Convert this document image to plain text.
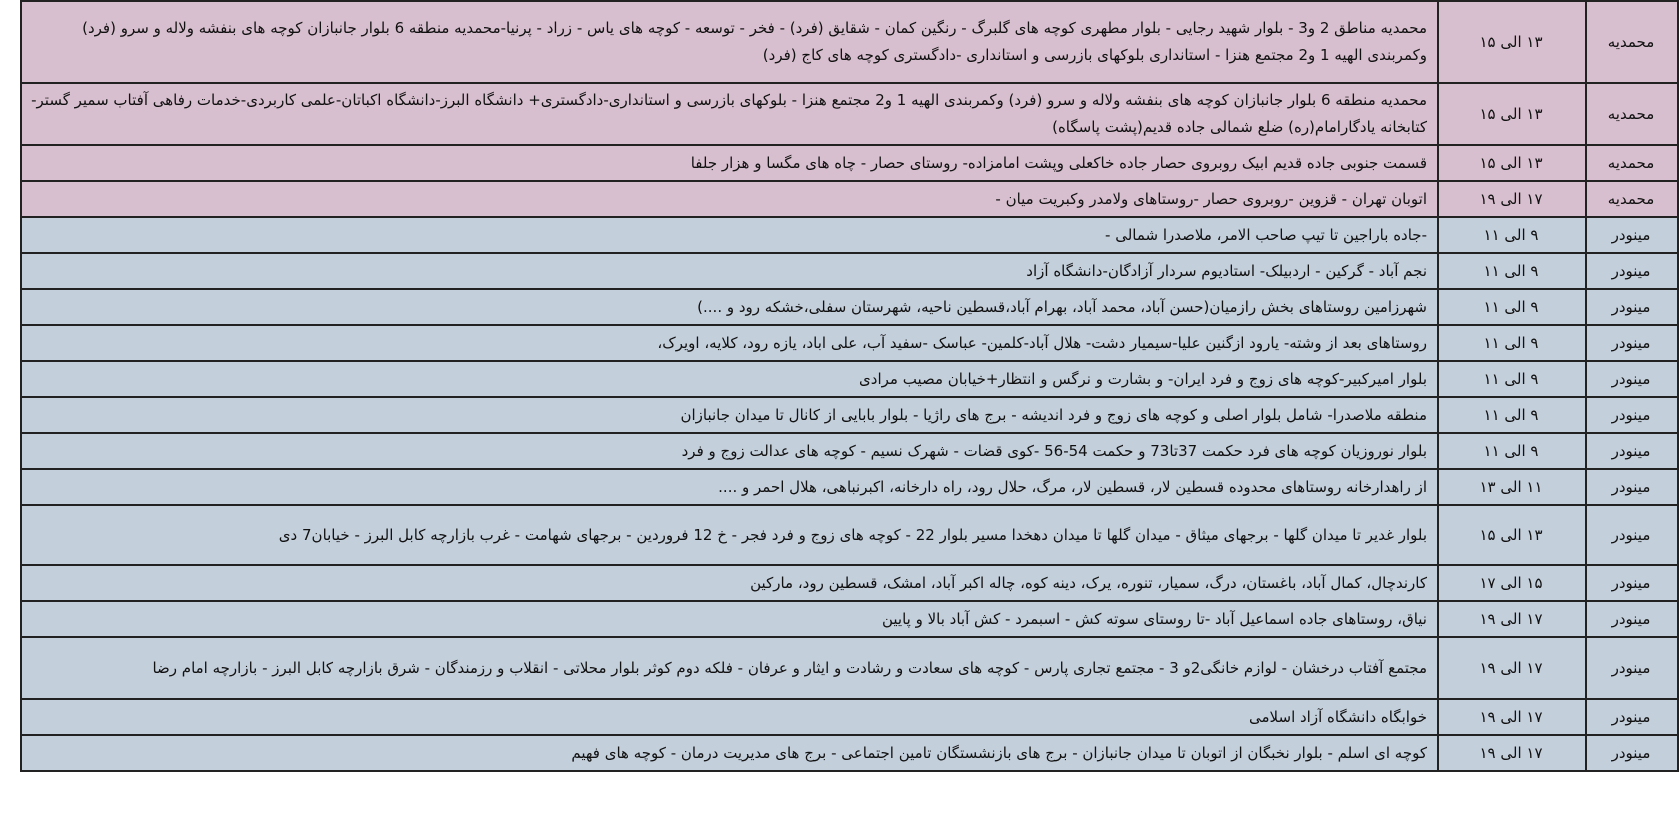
محمدیه	۱۳ الی ۱۵	محمدیه مناطق 2 و3 - بلوار شهید رجایی - بلوار مطهری کوچه های گلبرگ - رنگین کمان - شقایق (فرد) - فخر - توسعه - کوچه های یاس - زراد - پرنیا-محمدیه منطقه 6 بلوار جانبازان کوچه های بنفشه ولاله و سرو (فرد) وکمربندی الهیه 1 و2 مجتمع هنزا - استانداری بلوکهای بازرسی و استانداری -دادگستری کوچه های کاج (فرد)
محمدیه	۱۳ الی ۱۵	محمدیه منطقه 6 بلوار جانبازان کوچه های بنفشه ولاله و سرو (فرد) وکمربندی الهیه 1 و2 مجتمع هنزا - بلوکهای بازرسی و استانداری-دادگستری+ دانشگاه البرز-دانشگاه اکباتان-علمی کاربردی-خدمات رفاهی آفتاب سمیر گستر-کتابخانه یادگارامام(ره) ضلع شمالی جاده قدیم(پشت پاسگاه)
محمدیه	۱۳ الی ۱۵	قسمت جنوبی جاده قدیم ابیک روبروی حصار جاده خاکعلی وپشت امامزاده- روستای حصار - چاه های مگسا و هزار جلفا
محمدیه	۱۷ الی ۱۹	اتوبان تهران - قزوین -روبروی حصار -روستاهای ولامدر وکبریت میان -
مینودر	۹ الی ۱۱	-جاده باراجین تا تیپ صاحب الامر، ملاصدرا شمالی -
مینودر	۹ الی ۱۱	نجم آباد - گرکین - اردبیلک- استادیوم سردار آزادگان-دانشگاه آزاد
مینودر	۹ الی ۱۱	شهرزامین روستاهای بخش رازمیان(حسن آباد، محمد آباد، بهرام آباد،قسطین ناحیه، شهرستان سفلی،خشکه رود و ....)
مینودر	۹ الی ۱۱	روستاهای بعد از وشته- یارود ازگنین علیا-سیمیار دشت- هلال آباد-کلمین- عباسک -سفید آب، علی اباد، یازه رود، کلایه، اویرک،
مینودر	۹ الی ۱۱	بلوار امیرکبیر-کوچه های زوج و فرد ایران- و بشارت و نرگس و انتظار+خیابان مصیب مرادی
مینودر	۹ الی ۱۱	منطقه ملاصدرا- شامل بلوار اصلی و کوچه های زوج و فرد اندیشه - برج های راژیا - بلوار بابایی از کانال تا میدان جانبازان
مینودر	۹ الی ۱۱	بلوار نوروزیان کوچه های فرد حکمت 37تا73 و حکمت 54-56 -کوی قضات - شهرک نسیم - کوچه های عدالت زوج و فرد
مینودر	۱۱ الی ۱۳	از راهدارخانه روستاهای محدوده قسطین لار، قسطین لار، مرگ، حلال رود، راه دارخانه، اکبرنباهی، هلال احمر و ....
مینودر	۱۳ الی ۱۵	بلوار غدیر تا میدان گلها - برجهای میثاق - میدان گلها تا میدان دهخدا مسیر بلوار 22 - کوچه های زوج و فرد فجر - خ 12 فروردین - برجهای شهامت - غرب بازارچه کابل البرز - خیابان7 دی
مینودر	۱۵ الی ۱۷	کارندچال، کمال آباد، باغستان، درگ، سمیار، تنوره، یرک، دینه کوه، چاله اکبر آباد، امشک، قسطین رود، مارکین
مینودر	۱۷ الی ۱۹	نیاق، روستاهای جاده اسماعیل آباد -تا روستای سوته کش - اسبمرد - کش آباد بالا و پایین
مینودر	۱۷ الی ۱۹	مجتمع آفتاب درخشان - لوازم خانگی2و 3 - مجتمع تجاری پارس - کوچه های سعادت و رشادت و ایثار و عرفان - فلکه دوم کوثر بلوار محلاتی - انقلاب و رزمندگان - شرق بازارچه کابل البرز - بازارچه امام رضا
مینودر	۱۷ الی ۱۹	خوابگاه دانشگاه آزاد اسلامی
مینودر	۱۷ الی ۱۹	کوچه ای اسلم - بلوار نخبگان از اتوبان تا میدان جانبازان - برج های بازنشستگان تامین اجتماعی - برج های مدیریت درمان - کوچه های فهیم
